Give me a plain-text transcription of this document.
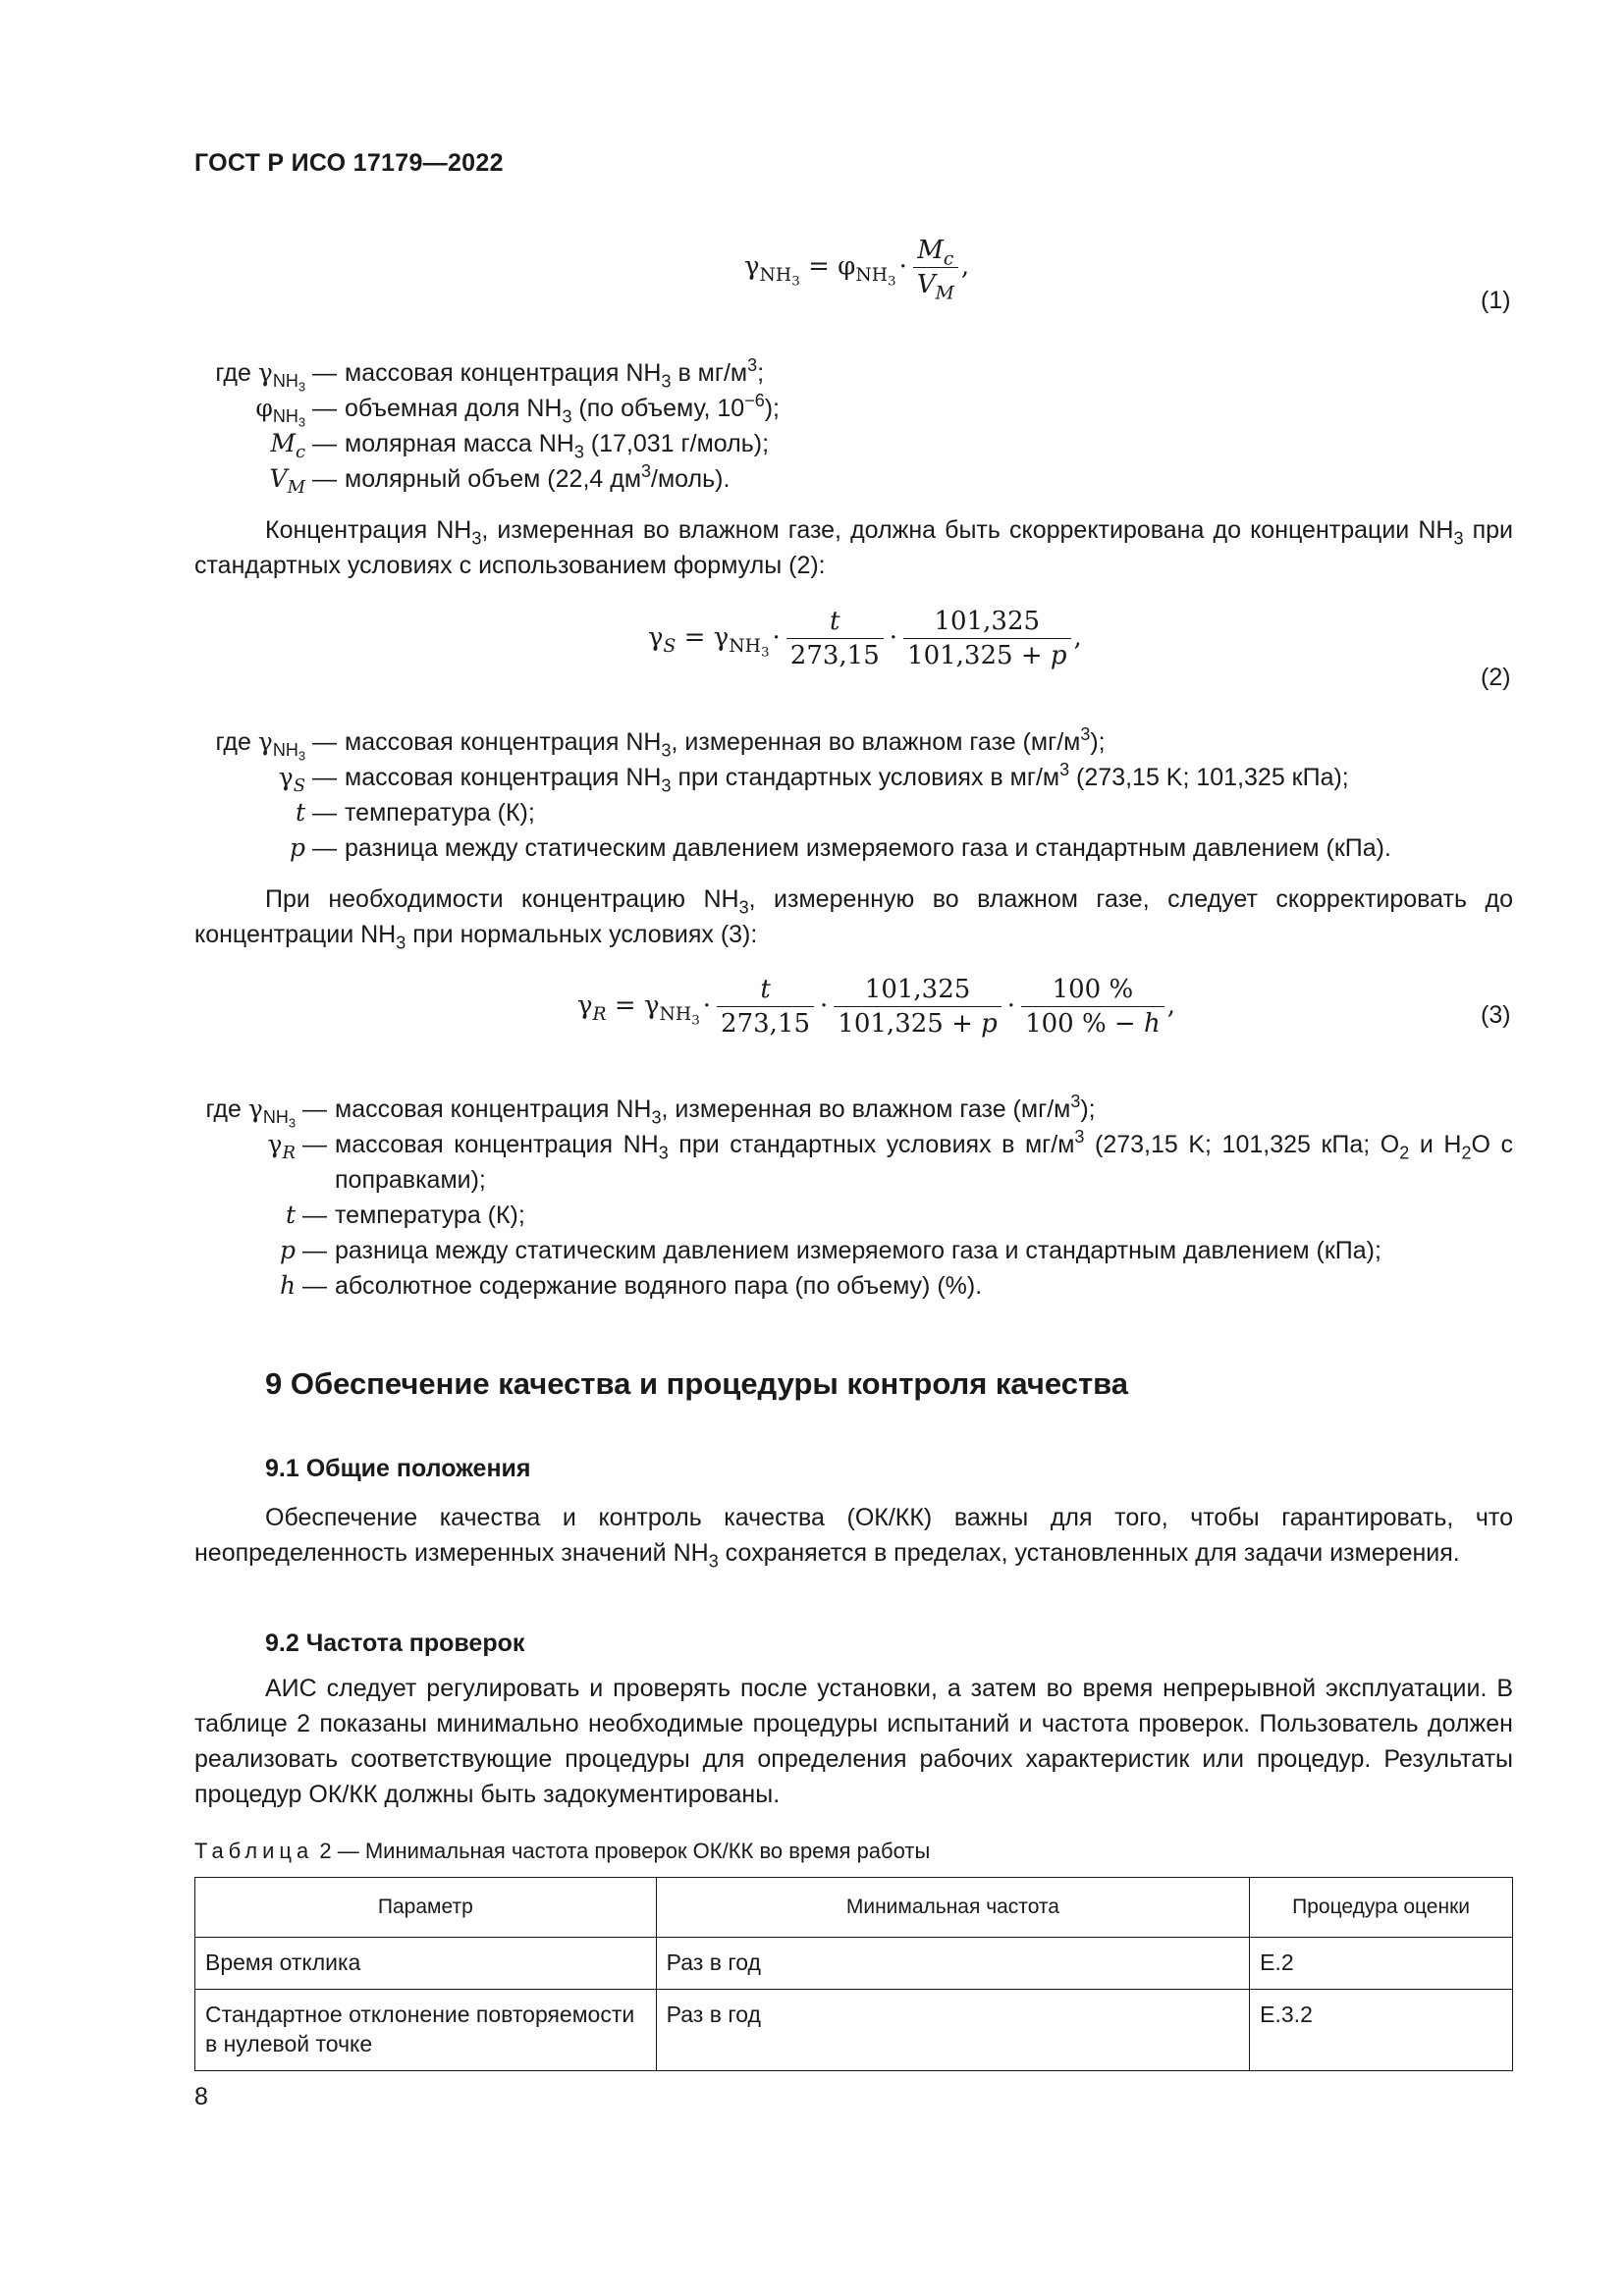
ГОСТ Р ИСО 17179—2022
$\gamma_{NH_3} = \varphi_{NH_3}\cdot \frac{M_c}{V_M}$ ,
(1)
где $\gamma_{NH_3}$ — массовая концентрация $NH_3$ в $мг/м^3$;
$\varphi_{NH_3}$ — объемная доля $NH_3$ (по объему, $10^{-6}$);
$M_c$ — молярная масса $NH_3$ (17,031 г/моль);
$V_M$ — молярный объем (22,4 $дм^3/моль$).

Концентрация $NH_3$, измеренная во влажном газе, должна быть скорректирована до концентрации $NH_3$ при стандартных условиях с использованием формулы (2):

$\gamma_S = \gamma_{NH_3}\cdot \frac{t}{273,15} \cdot \frac{101,325}{101,325 + p}$ ,
(2)
где $\gamma_{NH_3}$ — массовая концентрация $NH_3$, измеренная во влажном газе $(мг/м^3)$;
$\gamma_S$ — массовая концентрация $NH_3$ при стандартных условиях в $мг/м^3$ (273,15 K; 101,325 кПа);
t — температура (К);
p — разница между статическим давлением измеряемого газа и стандартным давлением (кПа).

При необходимости концентрацию $NH_3$, измеренную во влажном газе, следует скорректировать до концентрации $NH_3$ при нормальных условиях (3):

$\gamma_R = \gamma_{NH_3}\cdot \frac{t}{273,15} \cdot \frac{101,325}{101,325 + p} \cdot \frac{100 \%}{100 \% - h}$ ,	(3)
где $\gamma_{NH_3}$ — массовая концентрация $NH_3$, измеренная во влажном газе $(мг/м^3)$;
$\gamma_R$ — массовая концентрация $NH_3$ при стандартных условиях в $мг/м^3$ (273,15 K; 101,325 кПа; $O_2$ и $H_2O$ с поправками);
t — температура (К);
p — разница между статическим давлением измеряемого газа и стандартным давлением (кПа);
h — абсолютное содержание водяного пара (по объему) (%).
9 Обеспечение качества и процедуры контроля качества
9.1 Общие положения

Обеспечение качества и контроль качества (ОК/КК) важны для того, чтобы гарантировать, что неопределенность измеренных значений $NH_3$ сохраняется в пределах, установленных для задачи измерения.

9.2 Частота проверок

АИС следует регулировать и проверять после установки, а затем во время непрерывной эксплуатации. В таблице 2 показаны минимально необходимые процедуры испытаний и частота проверок. Пользователь должен реализовать соответствующие процедуры для определения рабочих характеристик или процедур. Результаты процедур ОК/КК должны быть задокументированы.

Таблица 2 — Минимальная частота проверок ОК/КК во время работы
Параметр	Минимальная частота	Процедура оценки
Время отклика	Раз в год	E.2
Стандартное отклонение повторяемости в нулевой точке	Раз в год	E.3.2
8
